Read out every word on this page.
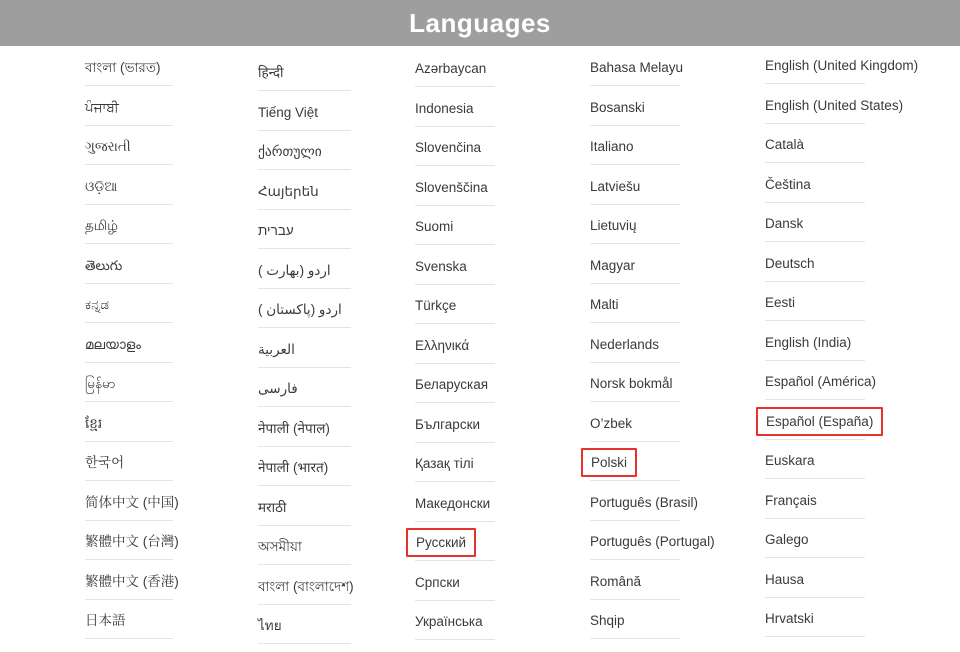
Languages
বাংলা (ভারত)
ਪੰਜਾਬੀ
ગુજરાતી
ଓଡ଼ିଆ
தமிழ்
తెలుగు
ಕನ್ನಡ
മലയാളം
မြန်မာ
ខ្មែរ
한국어
简体中文 (中国)
繁體中文 (台灣)
繁體中文 (香港)
日本語
हिन्दी
Tiếng Việt
ქართული
Հայերեն
עברית
اردو (بھارت )
اردو (پاکستان )
العربية
فارسی
नेपाली (नेपाल)
नेपाली (भारत)
मराठी
অসমীয়া
বাংলা (বাংলাদেশ)
ไทย
Azərbaycan
Indonesia
Slovenčina
Slovenščina
Suomi
Svenska
Türkçe
Ελληνικά
Беларуская
Български
Қазақ тілі
Македонски
Русский
Српски
Українська
Bahasa Melayu
Bosanski
Italiano
Latviešu
Lietuvių
Magyar
Malti
Nederlands
Norsk bokmål
O’zbek
Polski
Português (Brasil)
Português (Portugal)
Română
Shqip
English (United Kingdom)
English (United States)
Català
Čeština
Dansk
Deutsch
Eesti
English (India)
Español (América)
Español (España)
Euskara
Français
Galego
Hausa
Hrvatski
